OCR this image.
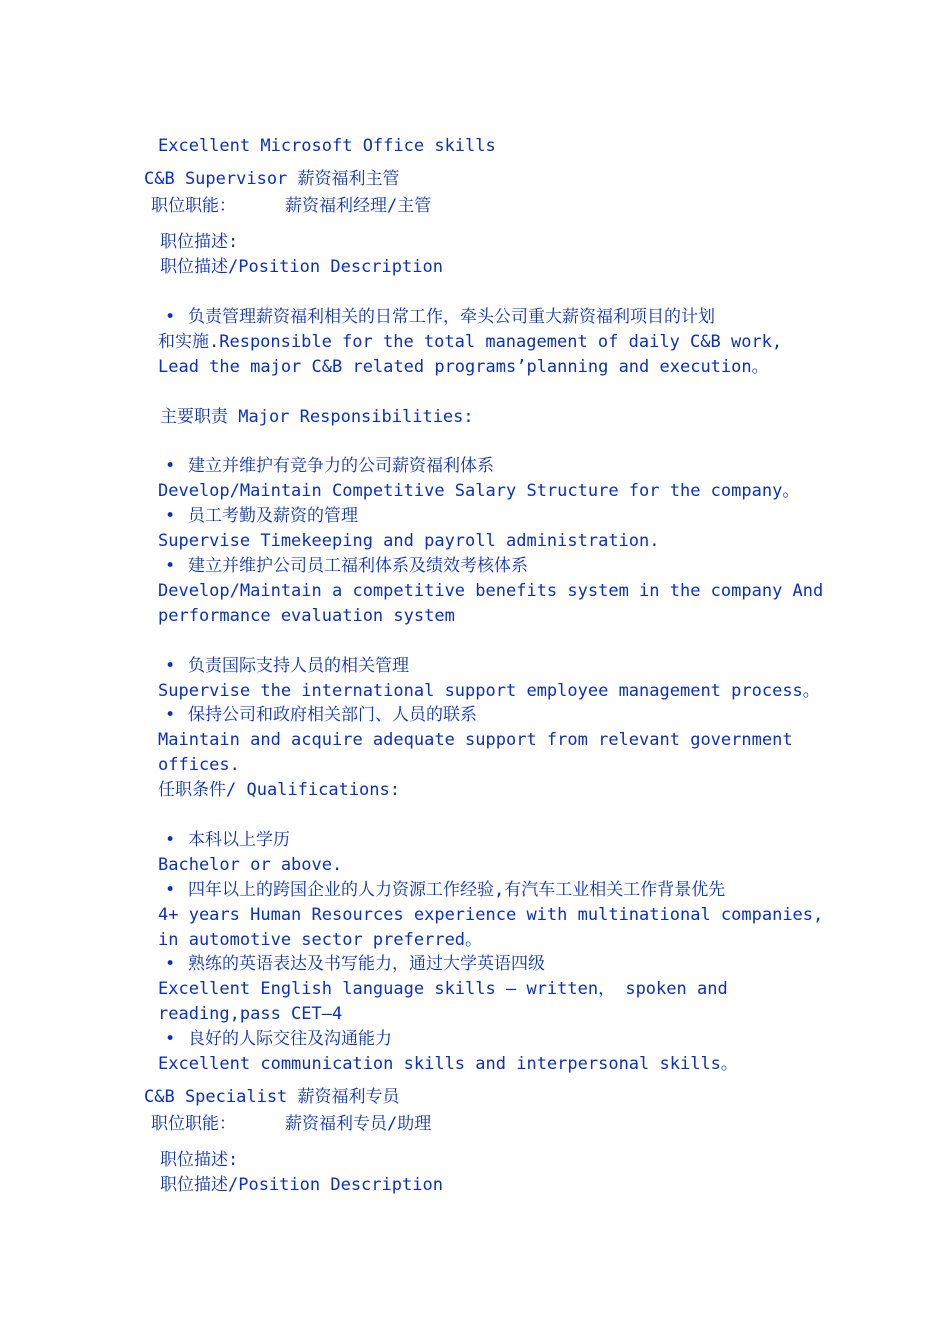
Excellent Microsoft Office skills
C&B Supervisor 薪资福利主管
职位职能：	薪资福利经理/主管
职位描述:
职位描述/Position Description
• 负责管理薪资福利相关的日常工作，牵头公司重大薪资福利项目的计划
和实施.Responsible for the total management of daily C&B work,
Lead the major C&B related programs’planning and execution。
主要职责 Major Responsibilities:
• 建立并维护有竞争力的公司薪资福利体系
Develop/Maintain Competitive Salary Structure for the company。
• 员工考勤及薪资的管理
Supervise Timekeeping and payroll administration.
• 建立并维护公司员工福利体系及绩效考核体系
Develop/Maintain a competitive benefits system in the company And
performance evaluation system
• 负责国际支持人员的相关管理
Supervise the international support employee management process。
• 保持公司和政府相关部门、人员的联系
Maintain and acquire adequate support from relevant government
offices.
任职条件/ Qualifications:
• 本科以上学历
Bachelor or above.
• 四年以上的跨国企业的人力资源工作经验,有汽车工业相关工作背景优先
4+ years Human Resources experience with multinational companies,
in automotive sector preferred。
• 熟练的英语表达及书写能力，通过大学英语四级
Excellent English language skills — written， spoken and
reading,pass CET—4
• 良好的人际交往及沟通能力
Excellent communication skills and interpersonal skills。
C&B Specialist 薪资福利专员
职位职能：	薪资福利专员/助理
职位描述:
职位描述/Position Description
